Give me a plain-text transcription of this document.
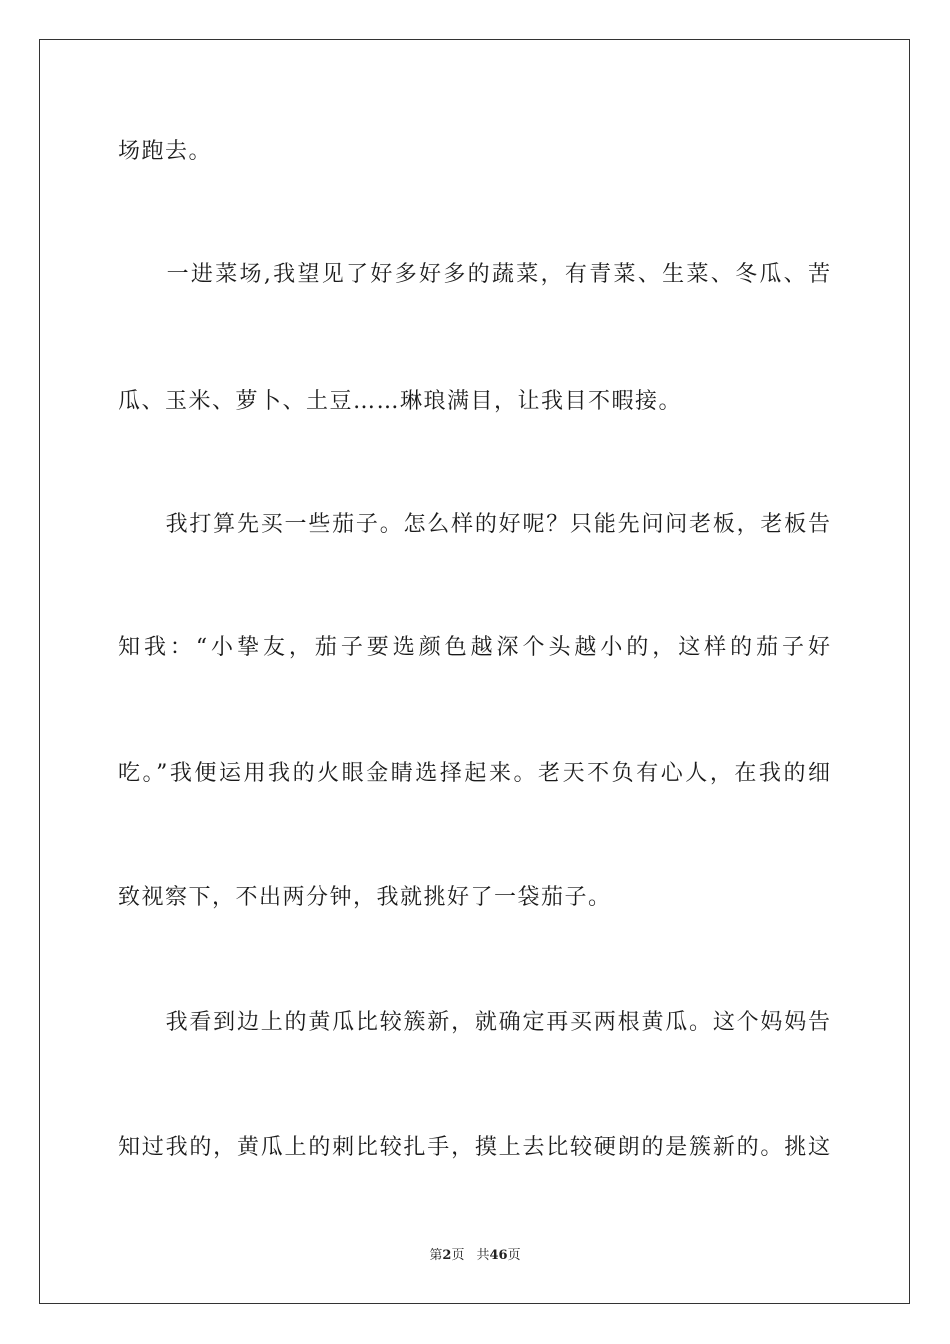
场跑去。
　　一进菜场,我望见了好多好多的蔬菜，有青菜、生菜、冬瓜、苦
瓜、玉米、萝卜、土豆……琳琅满目，让我目不暇接。
　　我打算先买一些茄子。怎么样的好呢？只能先问问老板，老板告
知我：“小挚友，茄子要选颜色越深个头越小的，这样的茄子好
吃。”我便运用我的火眼金睛选择起来。老天不负有心人，在我的细
致视察下，不出两分钟，我就挑好了一袋茄子。
　　我看到边上的黄瓜比较簇新，就确定再买两根黄瓜。这个妈妈告
知过我的，黄瓜上的刺比较扎手，摸上去比较硬朗的是簇新的。挑这
第2页 共46页
